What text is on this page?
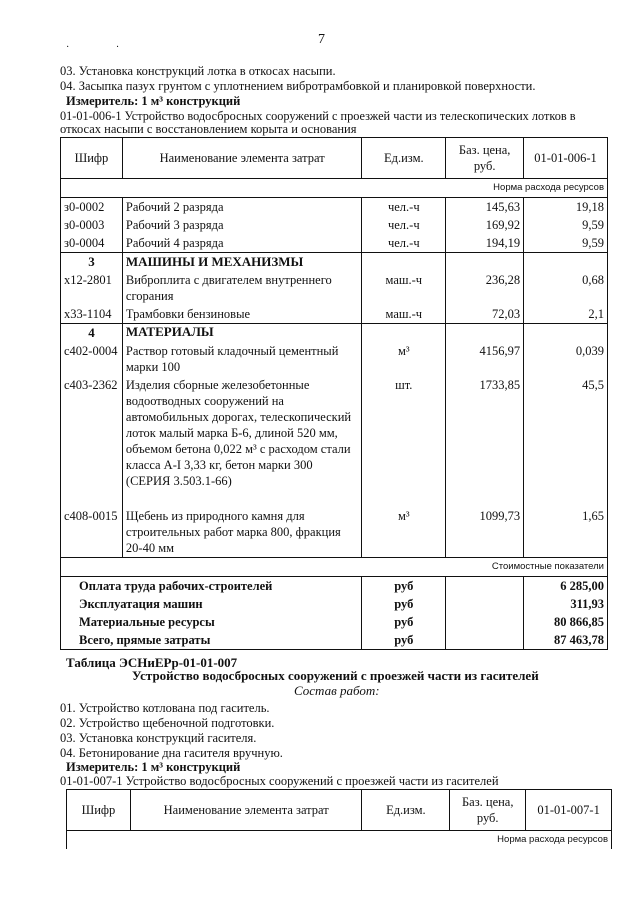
7
· ·
03. Установка конструкций лотка в откосах насыпи.
04. Засыпка пазух грунтом с уплотнением вибротрамбовкой и планировкой поверхности.
Измеритель: 1 м³ конструкций
01-01-006-1 Устройство водосбросных сооружений с проезжей части из телескопических лотков в
откосах насыпи с восстановлением корыта и основания
Шифр	Наименование элемента затрат	Ед.изм.	Баз. цена, руб.	01-01-006-1
Норма расхода ресурсов				
з0-0002	Рабочий 2 разряда	чел.-ч	145,63	19,18
з0-0003	Рабочий 3 разряда	чел.-ч	169,92	9,59
з0-0004	Рабочий 4 разряда	чел.-ч	194,19	9,59
3	МАШИНЫ И МЕХАНИЗМЫ			
х12-2801	Виброплита с двигателем внутреннего сгорания	маш.-ч	236,28	0,68
х33-1104	Трамбовки бензиновые	маш.-ч	72,03	2,1
4	МАТЕРИАЛЫ			
с402-0004	Раствор готовый кладочный цементный марки 100	м³	4156,97	0,039
с403-2362	Изделия сборные железобетонные водоотводных сооружений на автомобильных дорогах, телескопический лоток малый марка Б-6, длиной 520 мм, объемом бетона 0,022 м³ с расходом стали класса А-I 3,33 кг, бетон марки 300 (СЕРИЯ 3.503.1-66)	шт.	1733,85	45,5
с408-0015	Щебень из природного камня для строительных работ марка 800, фракция 20-40 мм	м³	1099,73	1,65
Стоимостные показатели				
Оплата труда рабочих-строителей		руб		6 285,00
Эксплуатация машин		руб		311,93
Материальные ресурсы		руб		80 866,85
Всего, прямые затраты		руб		87 463,78
Таблица ЭСНиЕРр-01-01-007
Устройство водосбросных сооружений с проезжей части из гасителей
Состав работ:
01. Устройство котлована под гаситель.
02. Устройство щебеночной подготовки.
03. Установка конструкций гасителя.
04. Бетонирование дна гасителя вручную.
Измеритель: 1 м³ конструкций
01-01-007-1 Устройство водосбросных сооружений с проезжей части из гасителей
Шифр	Наименование элемента затрат	Ед.изм.	Баз. цена, руб.	01-01-007-1
Норма расхода ресурсов
